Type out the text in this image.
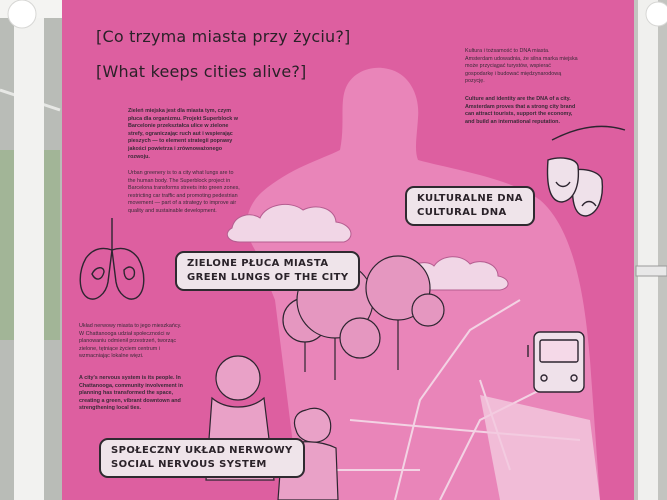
[Co trzyma miasta przy życiu?]
[What keeps cities alive?]
Zieleń miejska jest dla miasta tym, czym płuca dla organizmu. Projekt Superblock w Barcelonie przekształca ulice w zielone strefy, ograniczając ruch aut i wspierając pieszych — to element strategii poprawy jakości powietrza i zrównoważonego rozwoju.
Urban greenery is to a city what lungs are to the human body. The Superblock project in Barcelona transforms streets into green zones, restricting car traffic and promoting pedestrian movement — part of a strategy to improve air quality and sustainable development.
Układ nerwowy miasta to jego mieszkańcy. W Chattanooga udział społeczności w planowaniu odmienił przestrzeń, tworząc zielone, tętniące życiem centrum i wzmacniając lokalne więzi.
A city's nervous system is its people. In Chattanooga, community involvement in planning has transformed the space, creating a green, vibrant downtown and strengthening local ties.
Kultura i tożsamość to DNA miasta. Amsterdam udowadnia, że silna marka miejska może przyciągać turystów, wspierać gospodarkę i budować międzynarodową pozycję.
Culture and identity are the DNA of a city. Amsterdam proves that a strong city brand can attract tourists, support the economy, and build an international reputation.
KULTURALNE DNA
CULTURAL DNA
ZIELONE PŁUCA MIASTA
GREEN LUNGS OF THE CITY
SPOŁECZNY UKŁAD NERWOWY
SOCIAL NERVOUS SYSTEM
